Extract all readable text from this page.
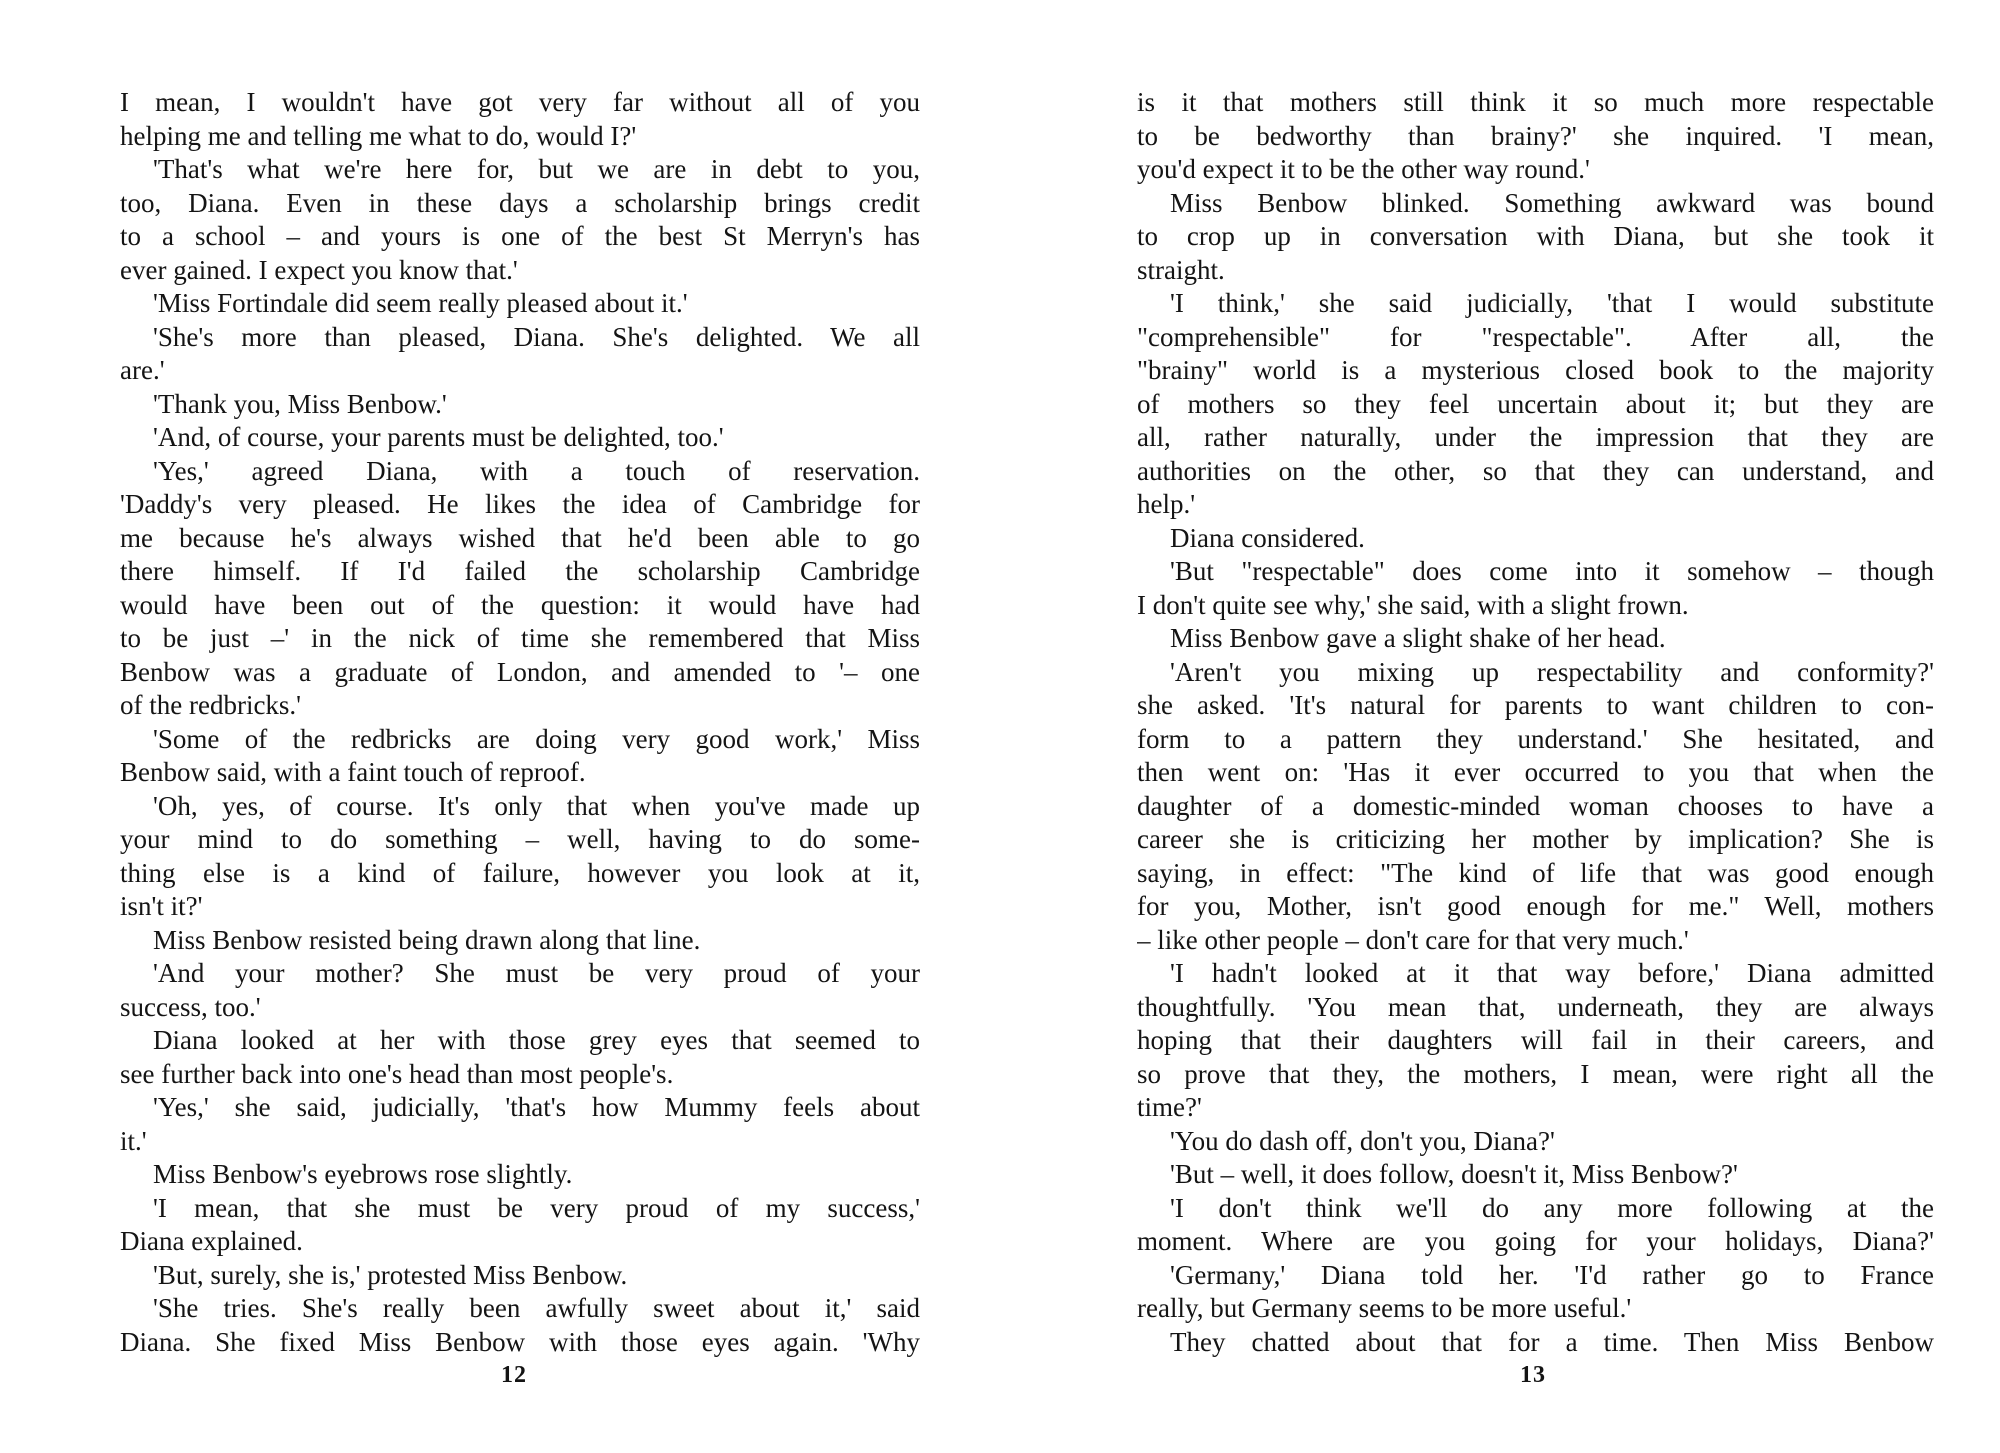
I mean, I wouldn't have got very far without all of you
helping me and telling me what to do, would I?'
'That's what we're here for, but we are in debt to you,
too, Diana. Even in these days a scholarship brings credit
to a school – and yours is one of the best St Merryn's has
ever gained. I expect you know that.'
'Miss Fortindale did seem really pleased about it.'
'She's more than pleased, Diana. She's delighted. We all
are.'
'Thank you, Miss Benbow.'
'And, of course, your parents must be delighted, too.'
'Yes,' agreed Diana, with a touch of reservation.
'Daddy's very pleased. He likes the idea of Cambridge for
me because he's always wished that he'd been able to go
there himself. If I'd failed the scholarship Cambridge
would have been out of the question: it would have had
to be just –' in the nick of time she remembered that Miss
Benbow was a graduate of London, and amended to '– one
of the redbricks.'
'Some of the redbricks are doing very good work,' Miss
Benbow said, with a faint touch of reproof.
'Oh, yes, of course. It's only that when you've made up
your mind to do something – well, having to do some-
thing else is a kind of failure, however you look at it,
isn't it?'
Miss Benbow resisted being drawn along that line.
'And your mother? She must be very proud of your
success, too.'
Diana looked at her with those grey eyes that seemed to
see further back into one's head than most people's.
'Yes,' she said, judicially, 'that's how Mummy feels about
it.'
Miss Benbow's eyebrows rose slightly.
'I mean, that she must be very proud of my success,'
Diana explained.
'But, surely, she is,' protested Miss Benbow.
'She tries. She's really been awfully sweet about it,' said
Diana. She fixed Miss Benbow with those eyes again. 'Why
12
is it that mothers still think it so much more respectable
to be bedworthy than brainy?' she inquired. 'I mean,
you'd expect it to be the other way round.'
Miss Benbow blinked. Something awkward was bound
to crop up in conversation with Diana, but she took it
straight.
'I think,' she said judicially, 'that I would substitute
"comprehensible" for "respectable". After all, the
"brainy" world is a mysterious closed book to the majority
of mothers so they feel uncertain about it; but they are
all, rather naturally, under the impression that they are
authorities on the other, so that they can understand, and
help.'
Diana considered.
'But "respectable" does come into it somehow – though
I don't quite see why,' she said, with a slight frown.
Miss Benbow gave a slight shake of her head.
'Aren't you mixing up respectability and conformity?'
she asked. 'It's natural for parents to want children to con-
form to a pattern they understand.' She hesitated, and
then went on: 'Has it ever occurred to you that when the
daughter of a domestic-minded woman chooses to have a
career she is criticizing her mother by implication? She is
saying, in effect: "The kind of life that was good enough
for you, Mother, isn't good enough for me." Well, mothers
– like other people – don't care for that very much.'
'I hadn't looked at it that way before,' Diana admitted
thoughtfully. 'You mean that, underneath, they are always
hoping that their daughters will fail in their careers, and
so prove that they, the mothers, I mean, were right all the
time?'
'You do dash off, don't you, Diana?'
'But – well, it does follow, doesn't it, Miss Benbow?'
'I don't think we'll do any more following at the
moment. Where are you going for your holidays, Diana?'
'Germany,' Diana told her. 'I'd rather go to France
really, but Germany seems to be more useful.'
They chatted about that for a time. Then Miss Benbow
13
